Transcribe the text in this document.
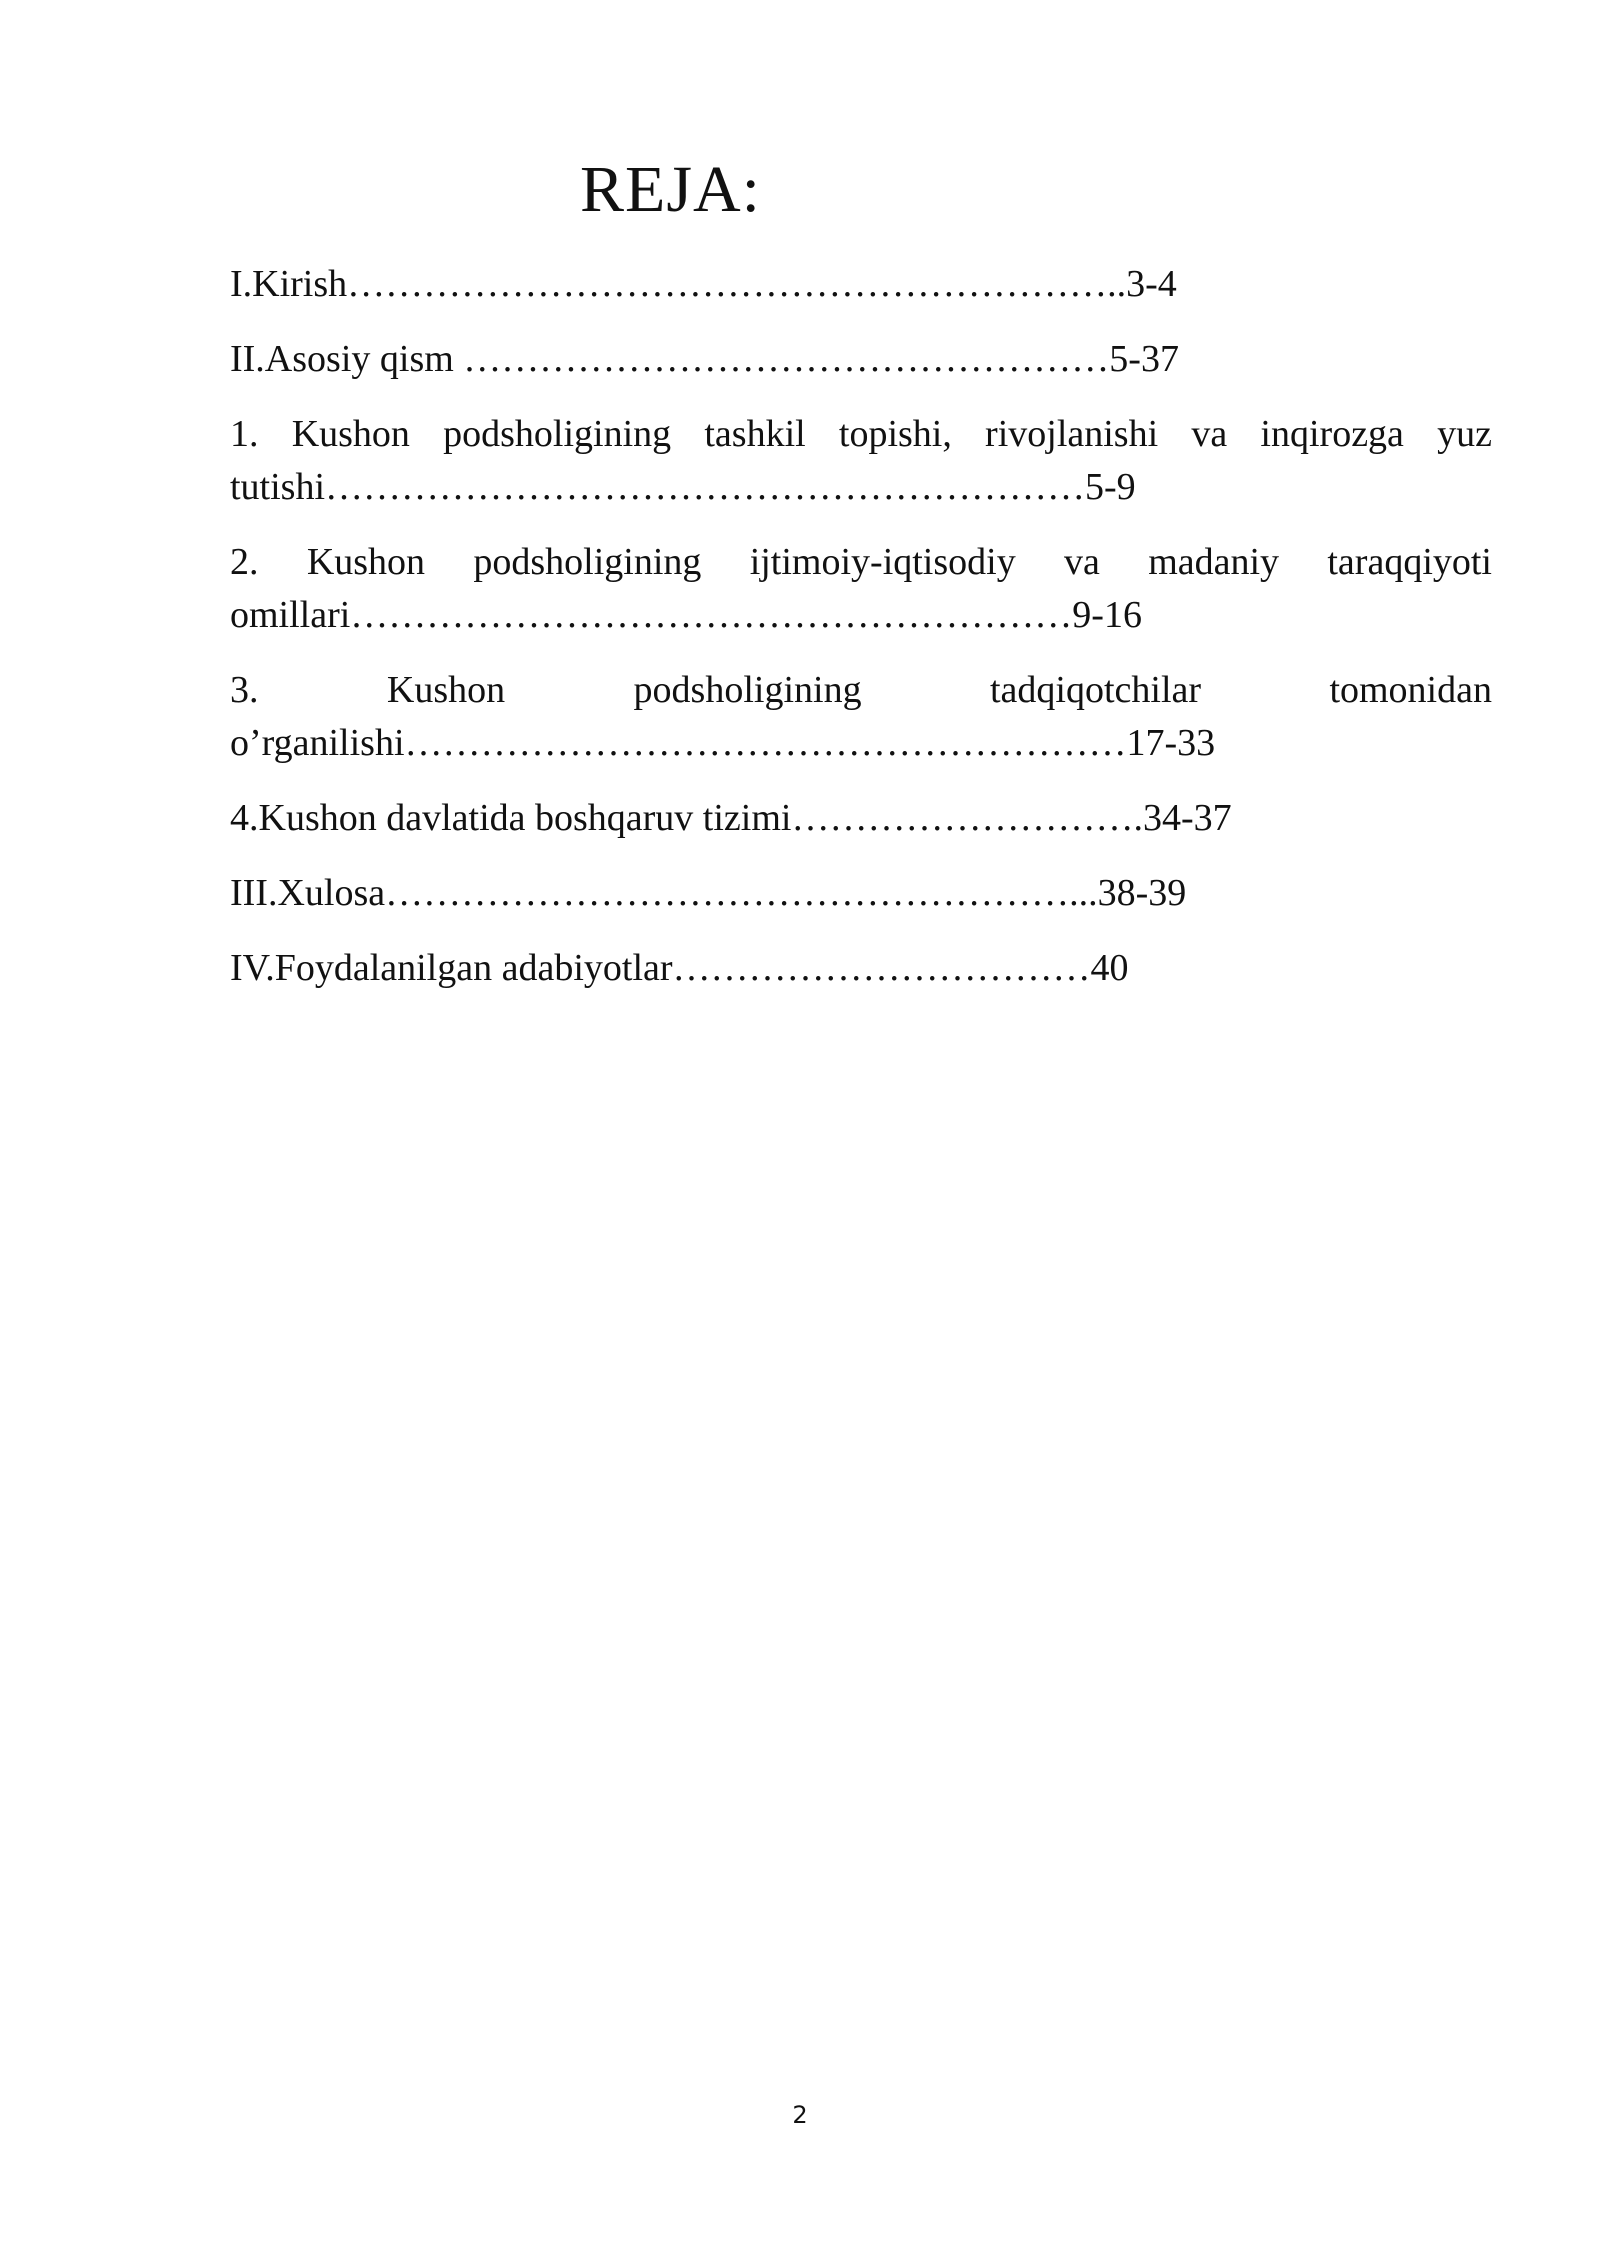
REJA:

I.Kirish……………………………………………………..3-4

II.Asosiy qism ……………………………………………5-37

1. Kushon podsholigining tashkil topishi, rivojlanishi va inqirozga yuz tutishi……………………………………………………5-9

2. Kushon podsholigining ijtimoiy-iqtisodiy va madaniy taraqqiyoti omillari…………………………………………………9-16

3. Kushon podsholigining tadqiqotchilar tomonidan o’rganilishi…………………………………………………17-33

4.Kushon davlatida boshqaruv tizimi……………………….34-37

III.Xulosa………………………………………………...38-39

IV.Foydalanilgan adabiyotlar……………………………40

2
